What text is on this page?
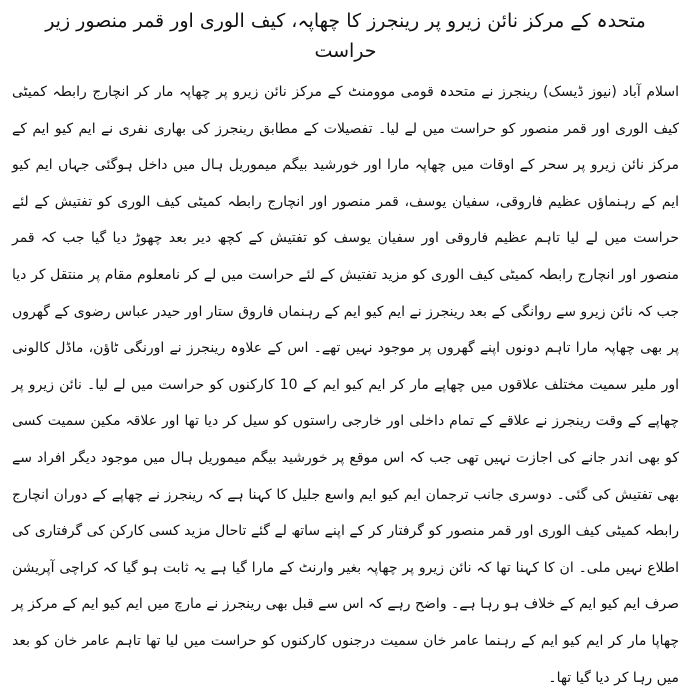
متحدہ کے مرکز نائن زیرو پر رینجرز کا چھاپہ، کیف الوری اور قمر منصور زیر حراست

اسلام آباد (نیوز ڈیسک) رینجرز نے متحدہ قومی موومنٹ کے مرکز نائن زیرو پر چھاپہ مار کر انچارج رابطہ کمیٹی کیف الوری اور قمر منصور کو حراست میں لے لیا۔ تفصیلات کے مطابق رینجرز کی بھاری نفری نے ایم کیو ایم کے مرکز نائن زیرو پر سحر کے اوقات میں چھاپہ مارا اور خورشید بیگم میموریل ہال میں داخل ہوگئی جہاں ایم کیو ایم کے رہنماؤں عظیم فاروقی، سفیان یوسف، قمر منصور اور انچارج رابطہ کمیٹی کیف الوری کو تفتیش کے لئے حراست میں لے لیا تاہم عظیم فاروقی اور سفیان یوسف کو تفتیش کے کچھ دیر بعد چھوڑ دیا گیا جب کہ قمر منصور اور انچارج رابطہ کمیٹی کیف الوری کو مزید تفتیش کے لئے حراست میں لے کر نامعلوم مقام پر منتقل کر دیا جب کہ نائن زیرو سے روانگی کے بعد رینجرز نے ایم کیو ایم کے رہنماں فاروق ستار اور حیدر عباس رضوی کے گھروں پر بھی چھاپہ مارا تاہم دونوں اپنے گھروں پر موجود نہیں تھے۔ اس کے علاوہ رینجرز نے اورنگی ٹاؤن، ماڈل کالونی اور ملیر سمیت مختلف علاقوں میں چھاپے مار کر ایم کیو ایم کے 10 کارکنوں کو حراست میں لے لیا۔ نائن زیرو پر چھاپے کے وقت رینجرز نے علاقے کے تمام داخلی اور خارجی راستوں کو سیل کر دیا تھا اور علاقہ مکین سمیت کسی کو بھی اندر جانے کی اجازت نہیں تھی جب کہ اس موقع پر خورشید بیگم میموریل ہال میں موجود دیگر افراد سے بھی تفتیش کی گئی۔ دوسری جانب ترجمان ایم کیو ایم واسع جلیل کا کہنا ہے کہ رینجرز نے چھاپے کے دوران انچارج رابطہ کمیٹی کیف الوری اور قمر منصور کو گرفتار کر کے اپنے ساتھ لے گئے تاحال مزید کسی کارکن کی گرفتاری کی اطلاع نہیں ملی۔ ان کا کہنا تھا کہ نائن زیرو پر چھاپہ بغیر وارنٹ کے مارا گیا ہے یہ ثابت ہو گیا کہ کراچی آپریشن صرف ایم کیو ایم کے خلاف ہو رہا ہے۔ واضح رہے کہ اس سے قبل بھی رینجرز نے مارچ میں ایم کیو ایم کے مرکز پر چھاپا مار کر ایم کیو ایم کے رہنما عامر خان سمیت درجنوں کارکنوں کو حراست میں لیا تھا تاہم عامر خان کو بعد میں رہا کر دیا گیا تھا۔
